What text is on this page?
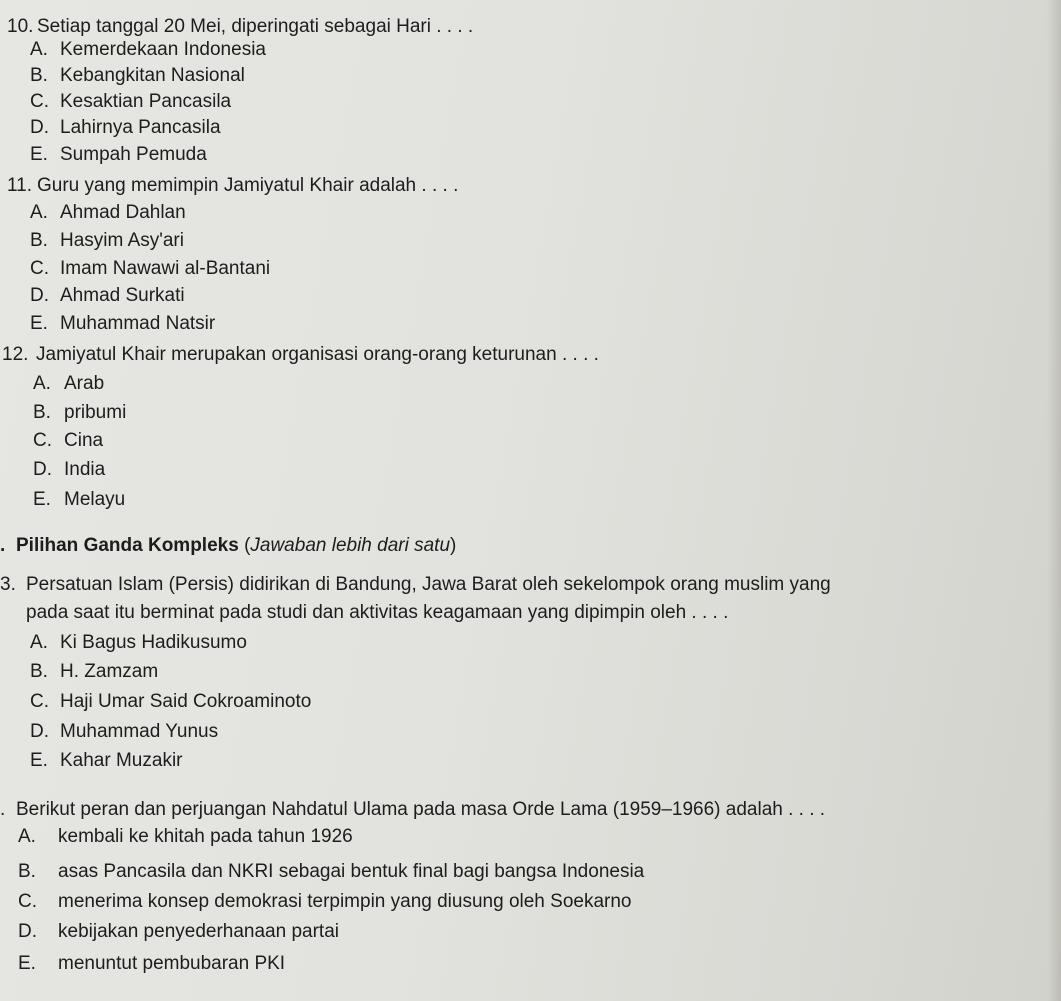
10. Setiap tanggal 20 Mei, diperingati sebagai Hari . . . .
A. Kemerdekaan Indonesia
B. Kebangkitan Nasional
C. Kesaktian Pancasila
D. Lahirnya Pancasila
E. Sumpah Pemuda
11. Guru yang memimpin Jamiyatul Khair adalah . . . .
A. Ahmad Dahlan
B. Hasyim Asy'ari
C. Imam Nawawi al-Bantani
D. Ahmad Surkati
E. Muhammad Natsir
12. Jamiyatul Khair merupakan organisasi orang-orang keturunan . . . .
A. Arab
B. pribumi
C. Cina
D. India
E. Melayu
. Pilihan Ganda Kompleks (Jawaban lebih dari satu)
3. Persatuan Islam (Persis) didirikan di Bandung, Jawa Barat oleh sekelompok orang muslim yang
pada saat itu berminat pada studi dan aktivitas keagamaan yang dipimpin oleh . . . .
A. Ki Bagus Hadikusumo
B. H. Zamzam
C. Haji Umar Said Cokroaminoto
D. Muhammad Yunus
E. Kahar Muzakir
. Berikut peran dan perjuangan Nahdatul Ulama pada masa Orde Lama (1959–1966) adalah . . . .
A. kembali ke khitah pada tahun 1926
B. asas Pancasila dan NKRI sebagai bentuk final bagi bangsa Indonesia
C. menerima konsep demokrasi terpimpin yang diusung oleh Soekarno
D. kebijakan penyederhanaan partai
E. menuntut pembubaran PKI
